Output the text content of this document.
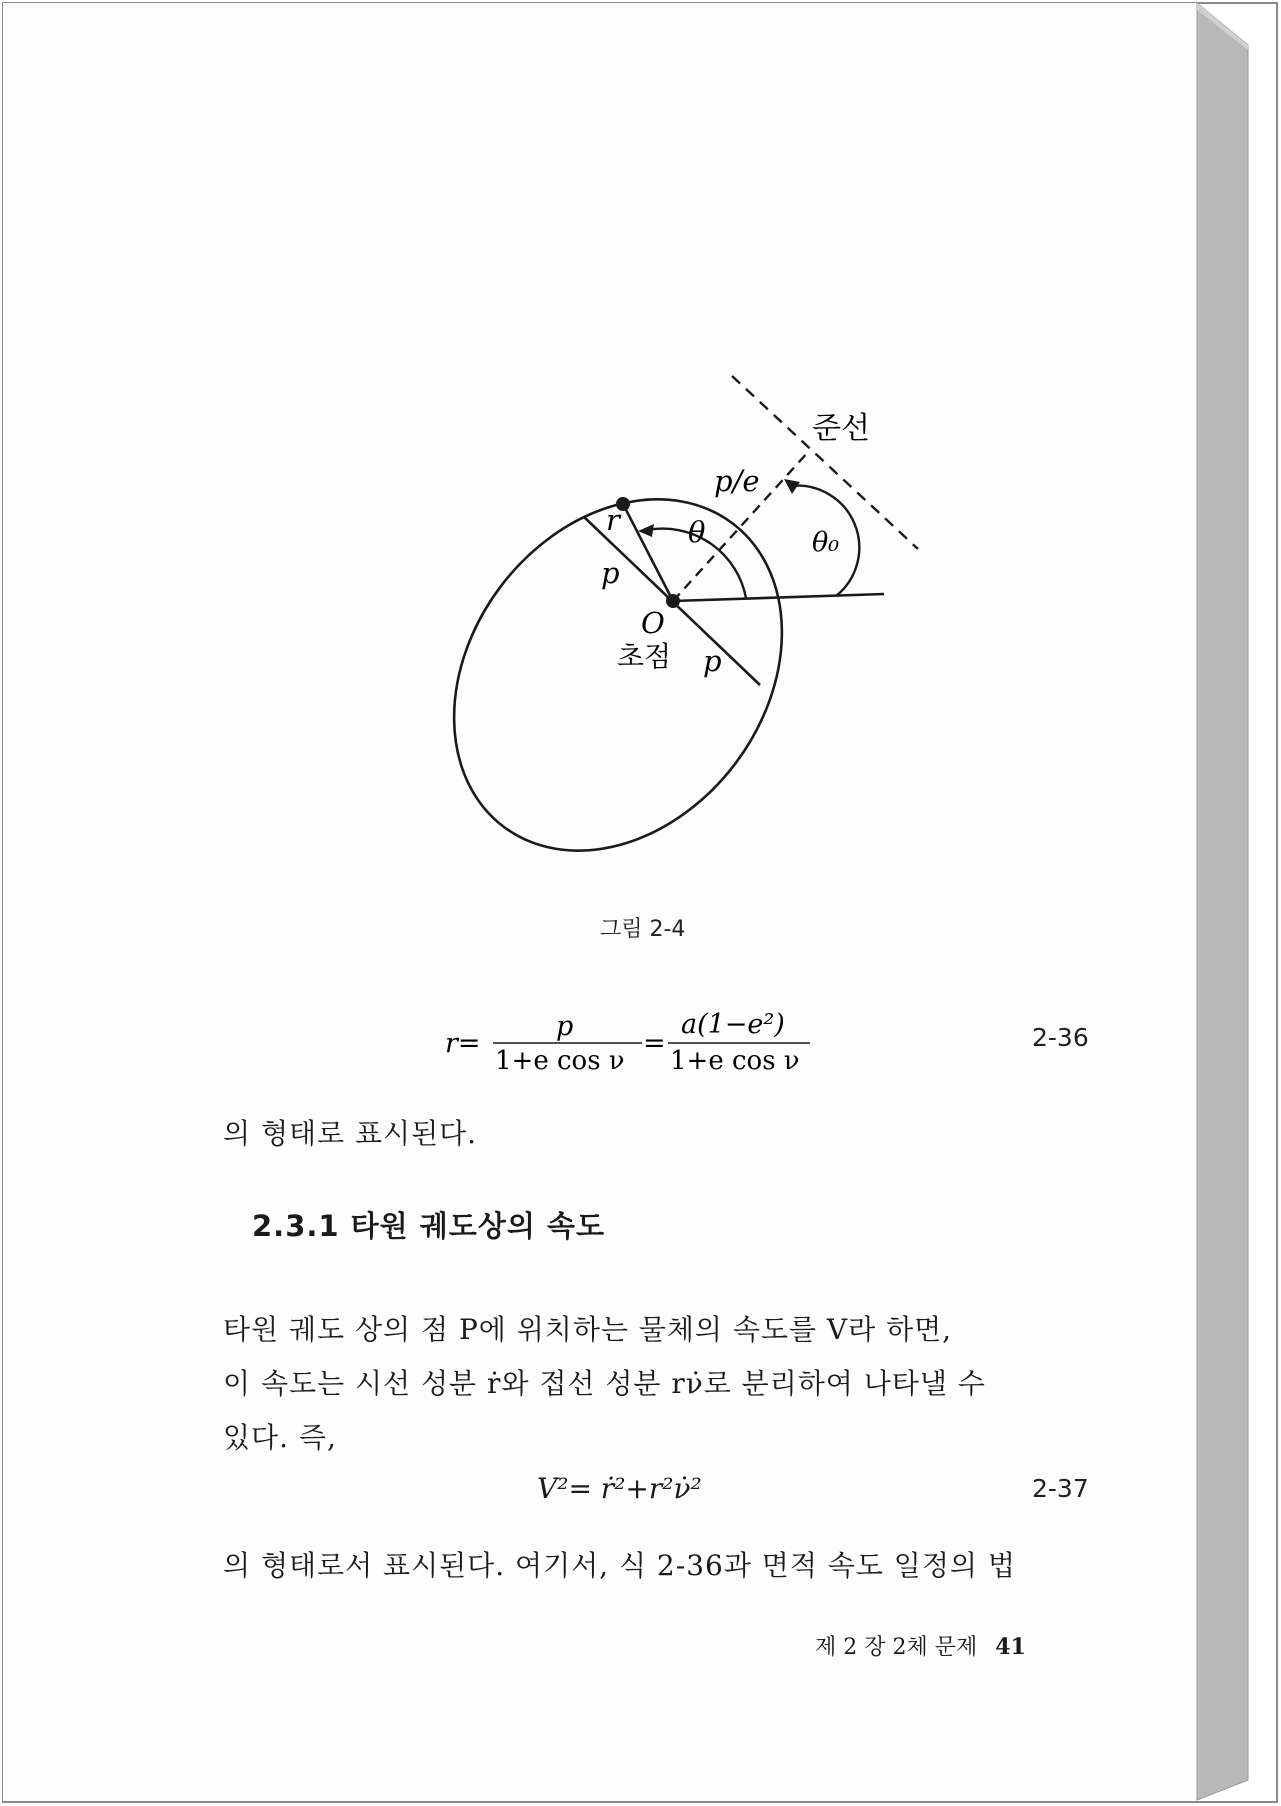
준선
p/e
r θ	θ₀
p
O
초점 p
그림 2-4
r=
p
1+e cos ν
=
a(1−e²)
1+e cos ν
2-36
의 형태로 표시된다.
2.3.1 타원 궤도상의 속도
타원 궤도 상의 점 P에 위치하는 물체의 속도를 V라 하면,
이 속도는 시선 성분 ṙ와 접선 성분 rν̇로 분리하여 나타낼 수
있다. 즉,
V²= ṙ²+r²ν̇²	2-37
의 형태로서 표시된다. 여기서, 식 2-36과 면적 속도 일정의 법
제 2 장 2체 문제 41
